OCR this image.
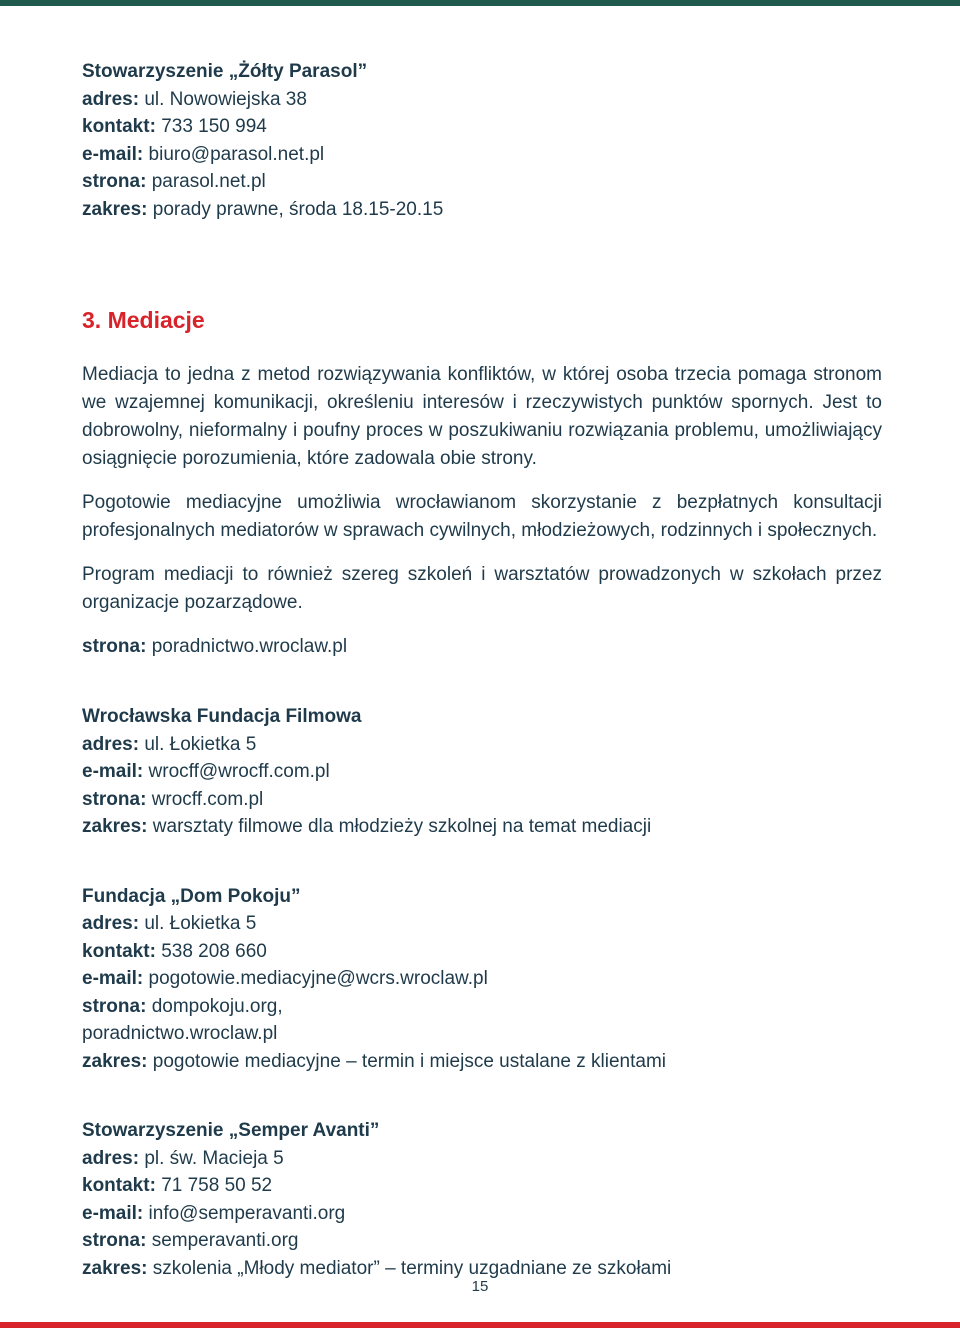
Stowarzyszenie „Żółty Parasol”
adres: ul. Nowowiejska 38
kontakt: 733 150 994
e-mail: biuro@parasol.net.pl
strona: parasol.net.pl
zakres: porady prawne, środa 18.15-20.15
3. Mediacje
Mediacja to jedna z metod rozwiązywania konfliktów, w której osoba trzecia pomaga stronom we wzajemnej komunikacji, określeniu interesów i rzeczywistych punktów spornych. Jest to dobrowolny, nieformalny i poufny proces w poszukiwaniu rozwiązania problemu, umożliwiający osiągnięcie porozumienia, które zadowala obie strony.
Pogotowie mediacyjne umożliwia wrocławianom skorzystanie z bezpłatnych konsultacji profesjonalnych mediatorów w sprawach cywilnych, młodzieżowych, rodzinnych i społecznych.
Program mediacji to również szereg szkoleń i warsztatów prowadzonych w szkołach przez organizacje pozarządowe.
strona: poradnictwo.wroclaw.pl
Wrocławska Fundacja Filmowa
adres: ul. Łokietka 5
e-mail: wrocff@wrocff.com.pl
strona: wrocff.com.pl
zakres: warsztaty filmowe dla młodzieży szkolnej na temat mediacji
Fundacja „Dom Pokoju”
adres: ul. Łokietka 5
kontakt: 538 208 660
e-mail: pogotowie.mediacyjne@wcrs.wroclaw.pl
strona: dompokoju.org,
poradnictwo.wroclaw.pl
zakres: pogotowie mediacyjne – termin i miejsce ustalane z klientami
Stowarzyszenie „Semper Avanti”
adres: pl. św. Macieja 5
kontakt: 71 758 50 52
e-mail: info@semperavanti.org
strona: semperavanti.org
zakres: szkolenia „Młody mediator” – terminy uzgadniane ze szkołami
15
